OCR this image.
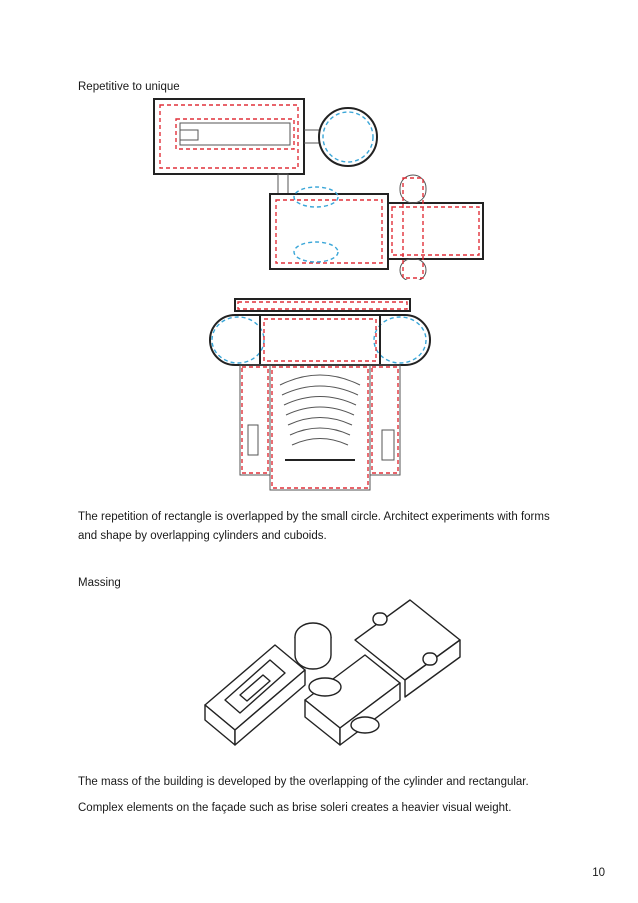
Repetitive to unique

The repetition of rectangle is overlapped by the small circle. Architect experiments with forms and shape by overlapping cylinders and cuboids.

Massing

The mass of the building is developed by the overlapping of the cylinder and rectangular.
Complex elements on the façade such as brise soleri creates a heavier visual weight.

10
